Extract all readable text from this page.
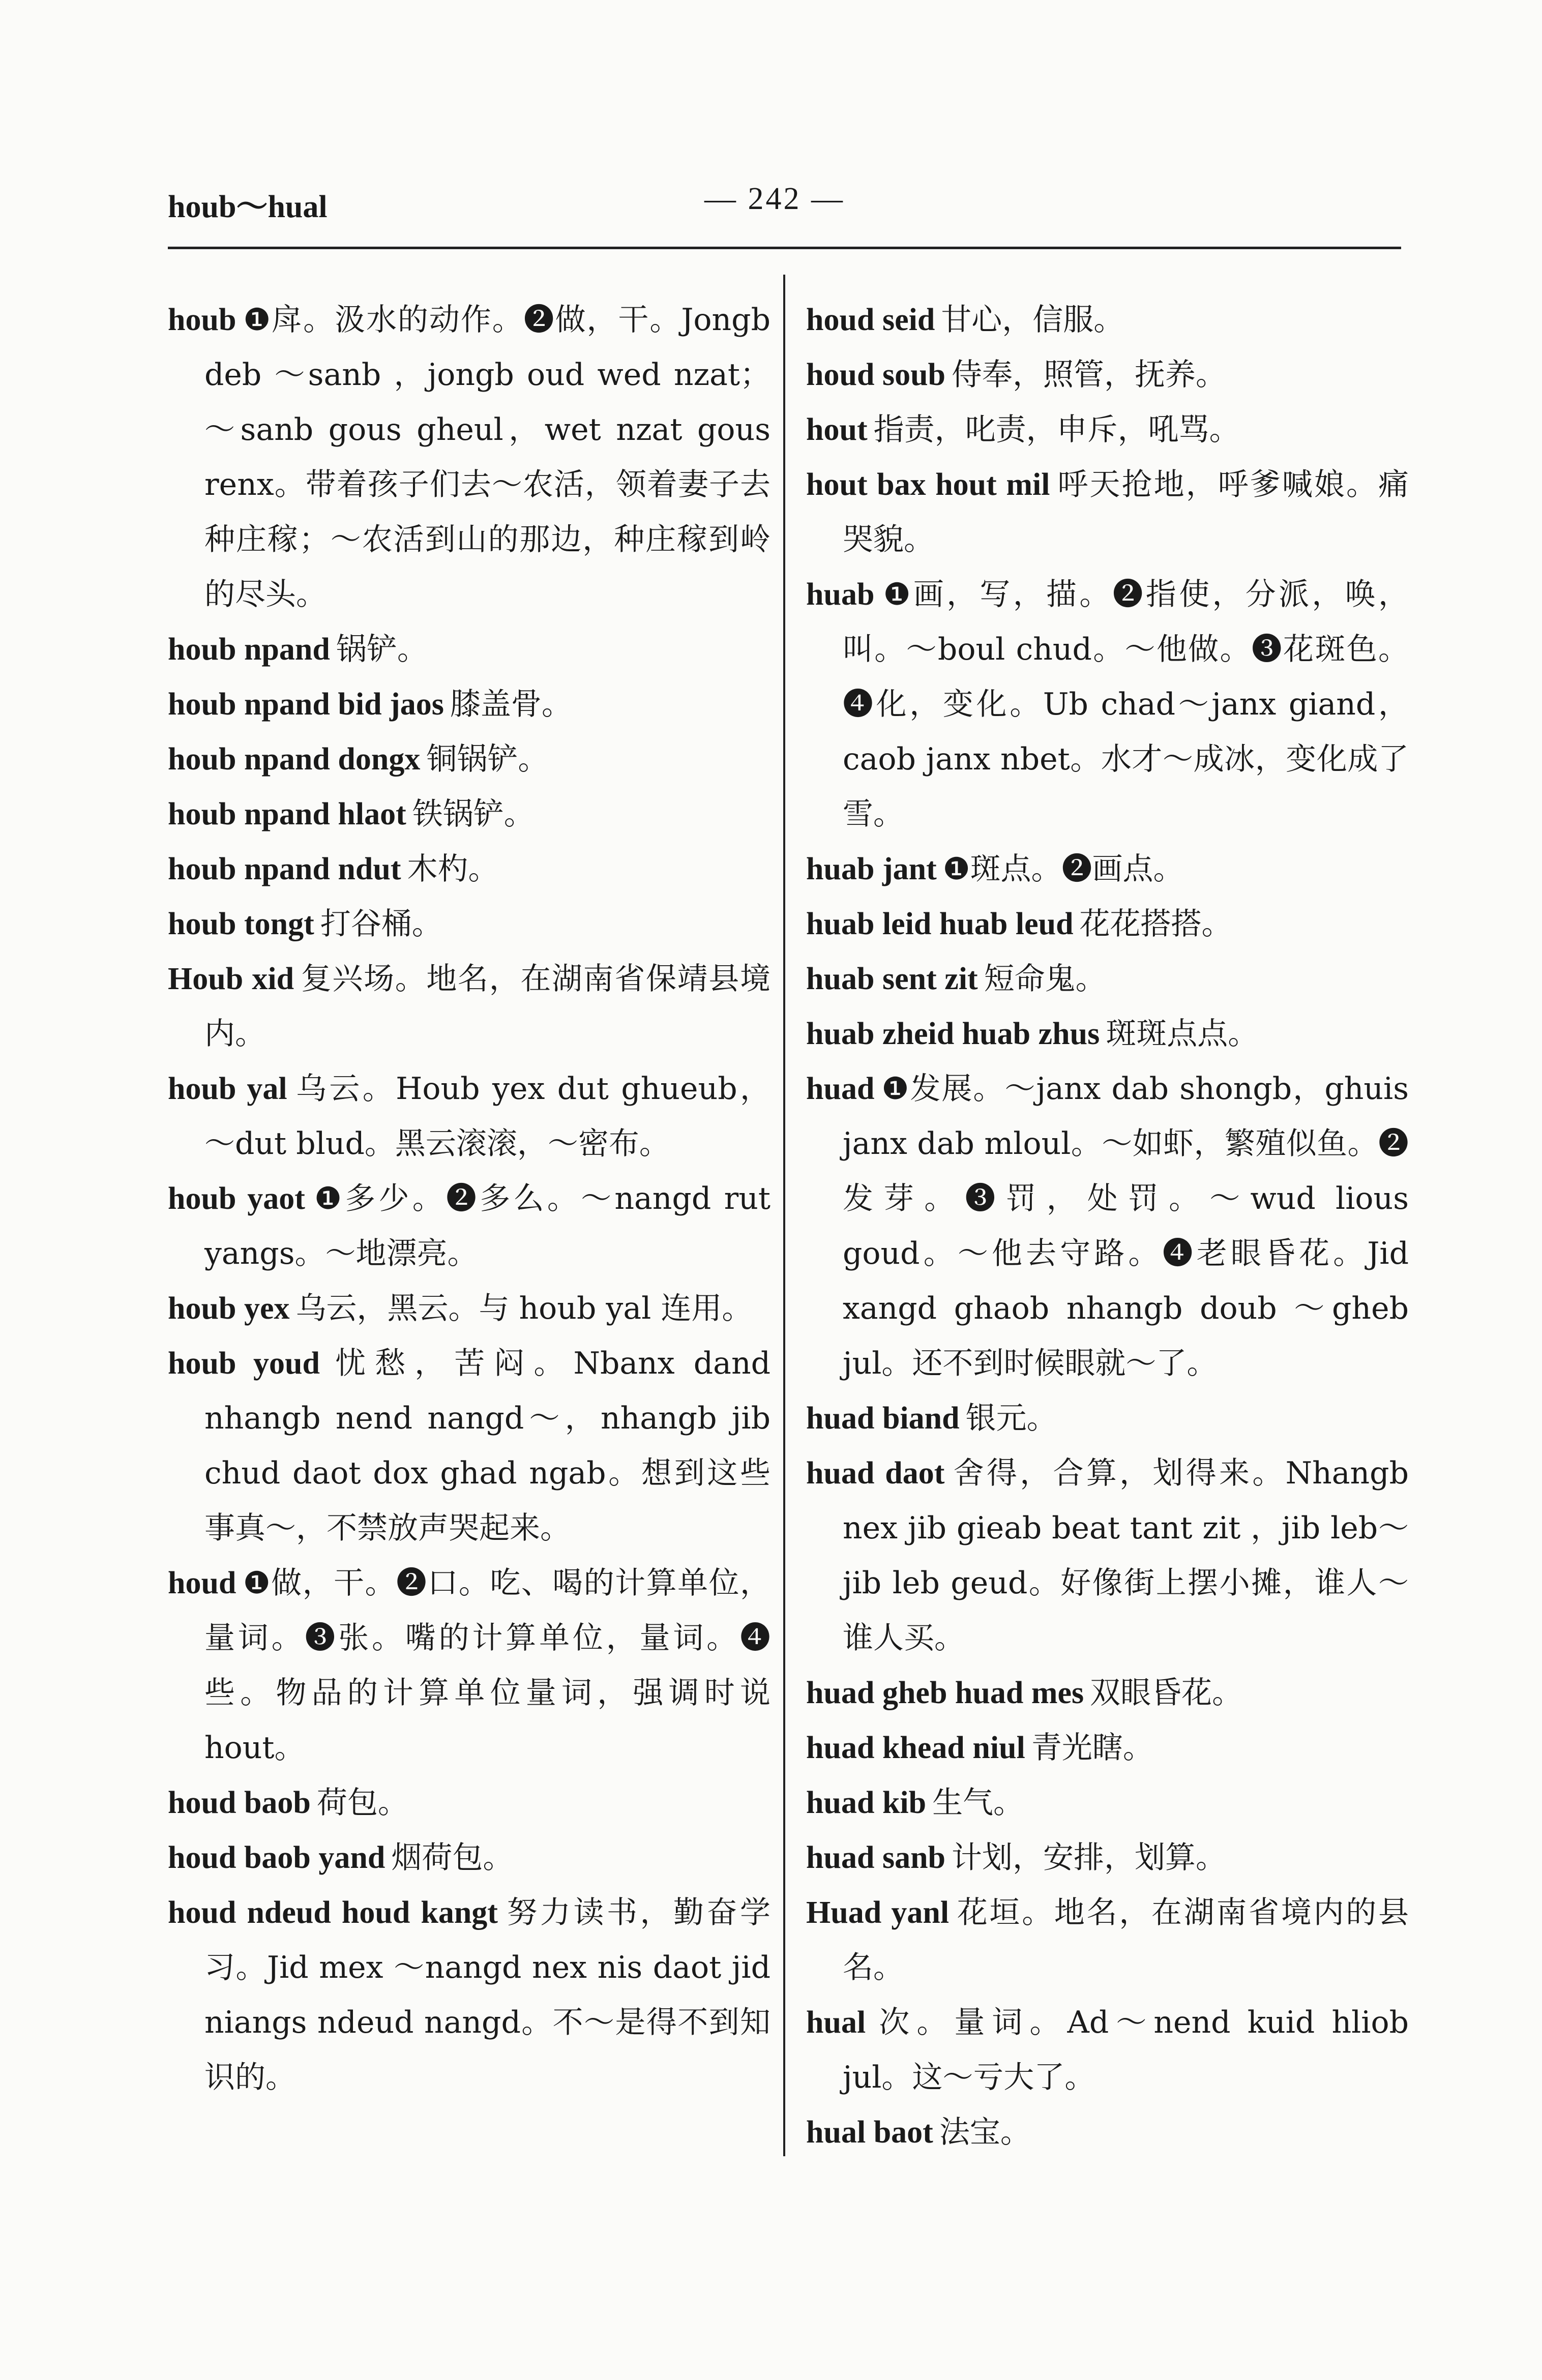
houb～hual	— 242 —

houb ❶戽。汲水的动作。❷做，干。Jongb deb ～sanb ，jongb oud wed nzat；～sanb gous gheul，wet nzat gous renx。带着孩子们去～农活，领着妻子去种庄稼；～农活到山的那边，种庄稼到岭的尽头。

houb npand 锅铲。

houb npand bid jaos 膝盖骨。

houb npand dongx 铜锅铲。

houb npand hlaot 铁锅铲。

houb npand ndut 木杓。

houb tongt 打谷桶。

Houb xid 复兴场。地名，在湖南省保靖县境内。

houb yal 乌云。Houb yex dut ghueub，～dut blud。黑云滚滚，～密布。

houb yaot ❶多少。❷多么。～nangd rut yangs。～地漂亮。

houb yex 乌云，黑云。与 houb yal 连用。

houb youd 忧愁，苦闷。Nbanx dand nhangb nend nangd～，nhangb jib chud daot dox ghad ngab。想到这些事真～，不禁放声哭起来。

houd ❶做，干。❷口。吃、喝的计算单位，量词。❸张。嘴的计算单位，量词。❹些。物品的计算单位量词，强调时说 hout。

houd baob 荷包。

houd baob yand 烟荷包。

houd ndeud houd kangt 努力读书，勤奋学习。Jid mex ～nangd nex nis daot jid niangs ndeud nangd。不～是得不到知识的。

houd seid 甘心，信服。

houd soub 侍奉，照管，抚养。

hout 指责，叱责，申斥，吼骂。

hout bax hout mil 呼天抢地，呼爹喊娘。痛哭貌。

huab ❶画，写，描。❷指使，分派，唤，叫。～boul chud。～他做。❸花斑色。❹化，变化。Ub chad～janx giand，caob janx nbet。水才～成冰，变化成了雪。

huab jant ❶斑点。❷画点。

huab leid huab leud 花花搭搭。

huab sent zit 短命鬼。

huab zheid huab zhus 斑斑点点。

huad ❶发展。～janx dab shongb，ghuis janx dab mloul。～如虾，繁殖似鱼。❷发芽。❸罚，处罚。～wud lious goud。～他去守路。❹老眼昏花。Jid xangd ghaob nhangb doub ～gheb jul。还不到时候眼就～了。

huad biand 银元。

huad daot 舍得，合算，划得来。Nhangb nex jib gieab beat tant zit ，jib leb～jib leb geud。好像街上摆小摊，谁人～谁人买。

huad gheb huad mes 双眼昏花。

huad khead niul 青光瞎。

huad kib 生气。

huad sanb 计划，安排，划算。

Huad yanl 花垣。地名，在湖南省境内的县名。

hual 次。量词。Ad～nend kuid hliob jul。这～亏大了。

hual baot 法宝。
